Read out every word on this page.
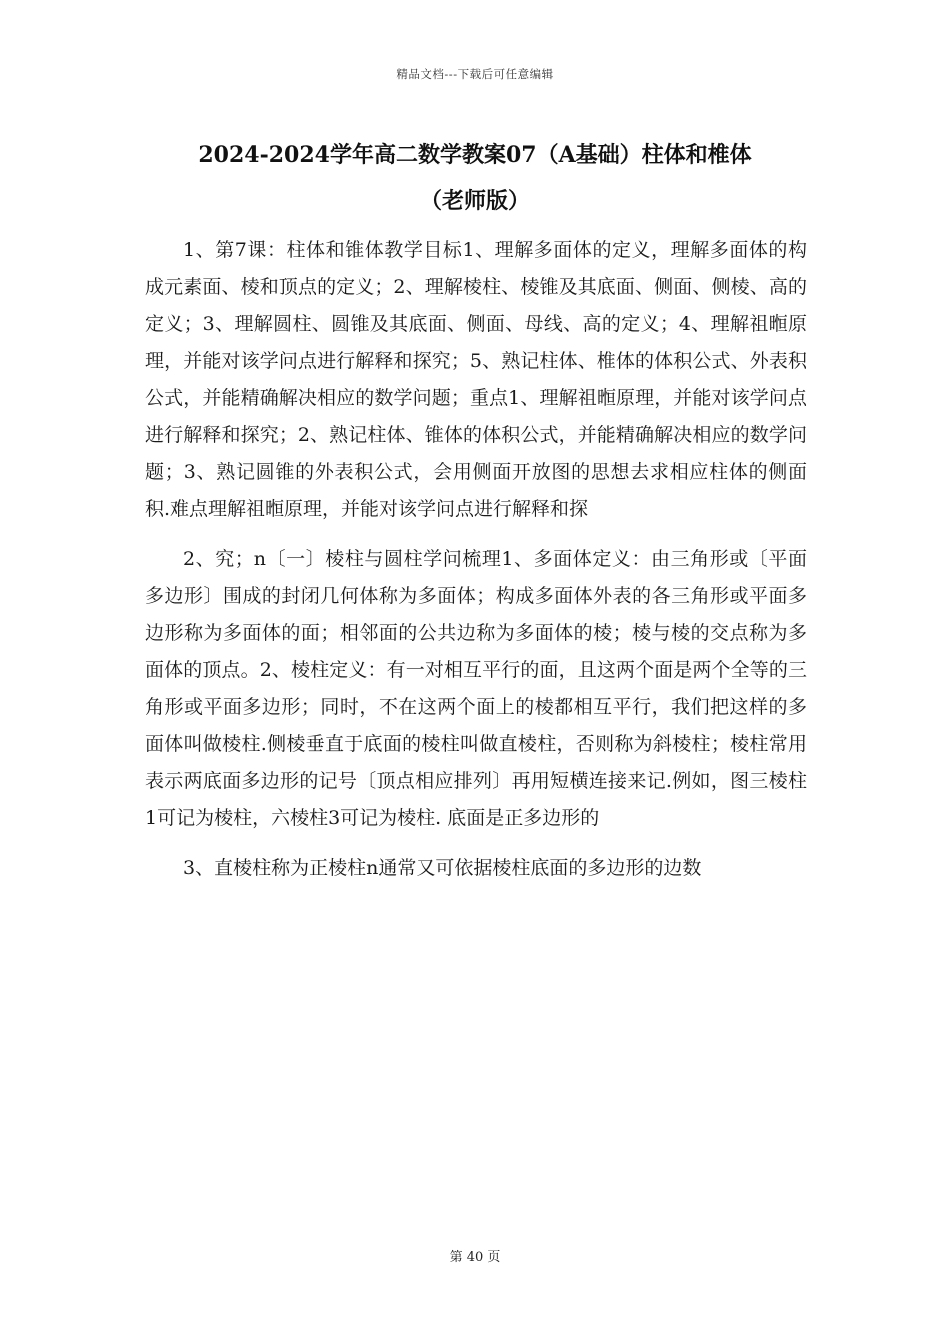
精品文档---下载后可任意编辑
2024-2024学年高二数学教案07（A基础）柱体和椎体
（老师版）

1、第7课：柱体和锥体教学目标1、理解多面体的定义，理解多面体的构成元素面、棱和顶点的定义；2、理解棱柱、棱锥及其底面、侧面、侧棱、高的定义；3、理解圆柱、圆锥及其底面、侧面、母线、高的定义；4、理解祖暅原理，并能对该学问点进行解释和探究；5、熟记柱体、椎体的体积公式、外表积公式，并能精确解决相应的数学问题；重点1、理解祖暅原理，并能对该学问点进行解释和探究；2、熟记柱体、锥体的体积公式，并能精确解决相应的数学问题；3、熟记圆锥的外表积公式，会用侧面开放图的思想去求相应柱体的侧面积.难点理解祖暅原理，并能对该学问点进行解释和探

2、究；n〔一〕棱柱与圆柱学问梳理1、多面体定义：由三角形或〔平面多边形〕围成的封闭几何体称为多面体；构成多面体外表的各三角形或平面多边形称为多面体的面；相邻面的公共边称为多面体的棱；棱与棱的交点称为多面体的顶点。2、棱柱定义：有一对相互平行的面，且这两个面是两个全等的三角形或平面多边形；同时，不在这两个面上的棱都相互平行，我们把这样的多面体叫做棱柱.侧棱垂直于底面的棱柱叫做直棱柱，否则称为斜棱柱；棱柱常用表示两底面多边形的记号〔顶点相应排列〕再用短横连接来记.例如，图三棱柱1可记为棱柱，六棱柱3可记为棱柱. 底面是正多边形的

3、直棱柱称为正棱柱n通常又可依据棱柱底面的多边形的边数

第 40 页
